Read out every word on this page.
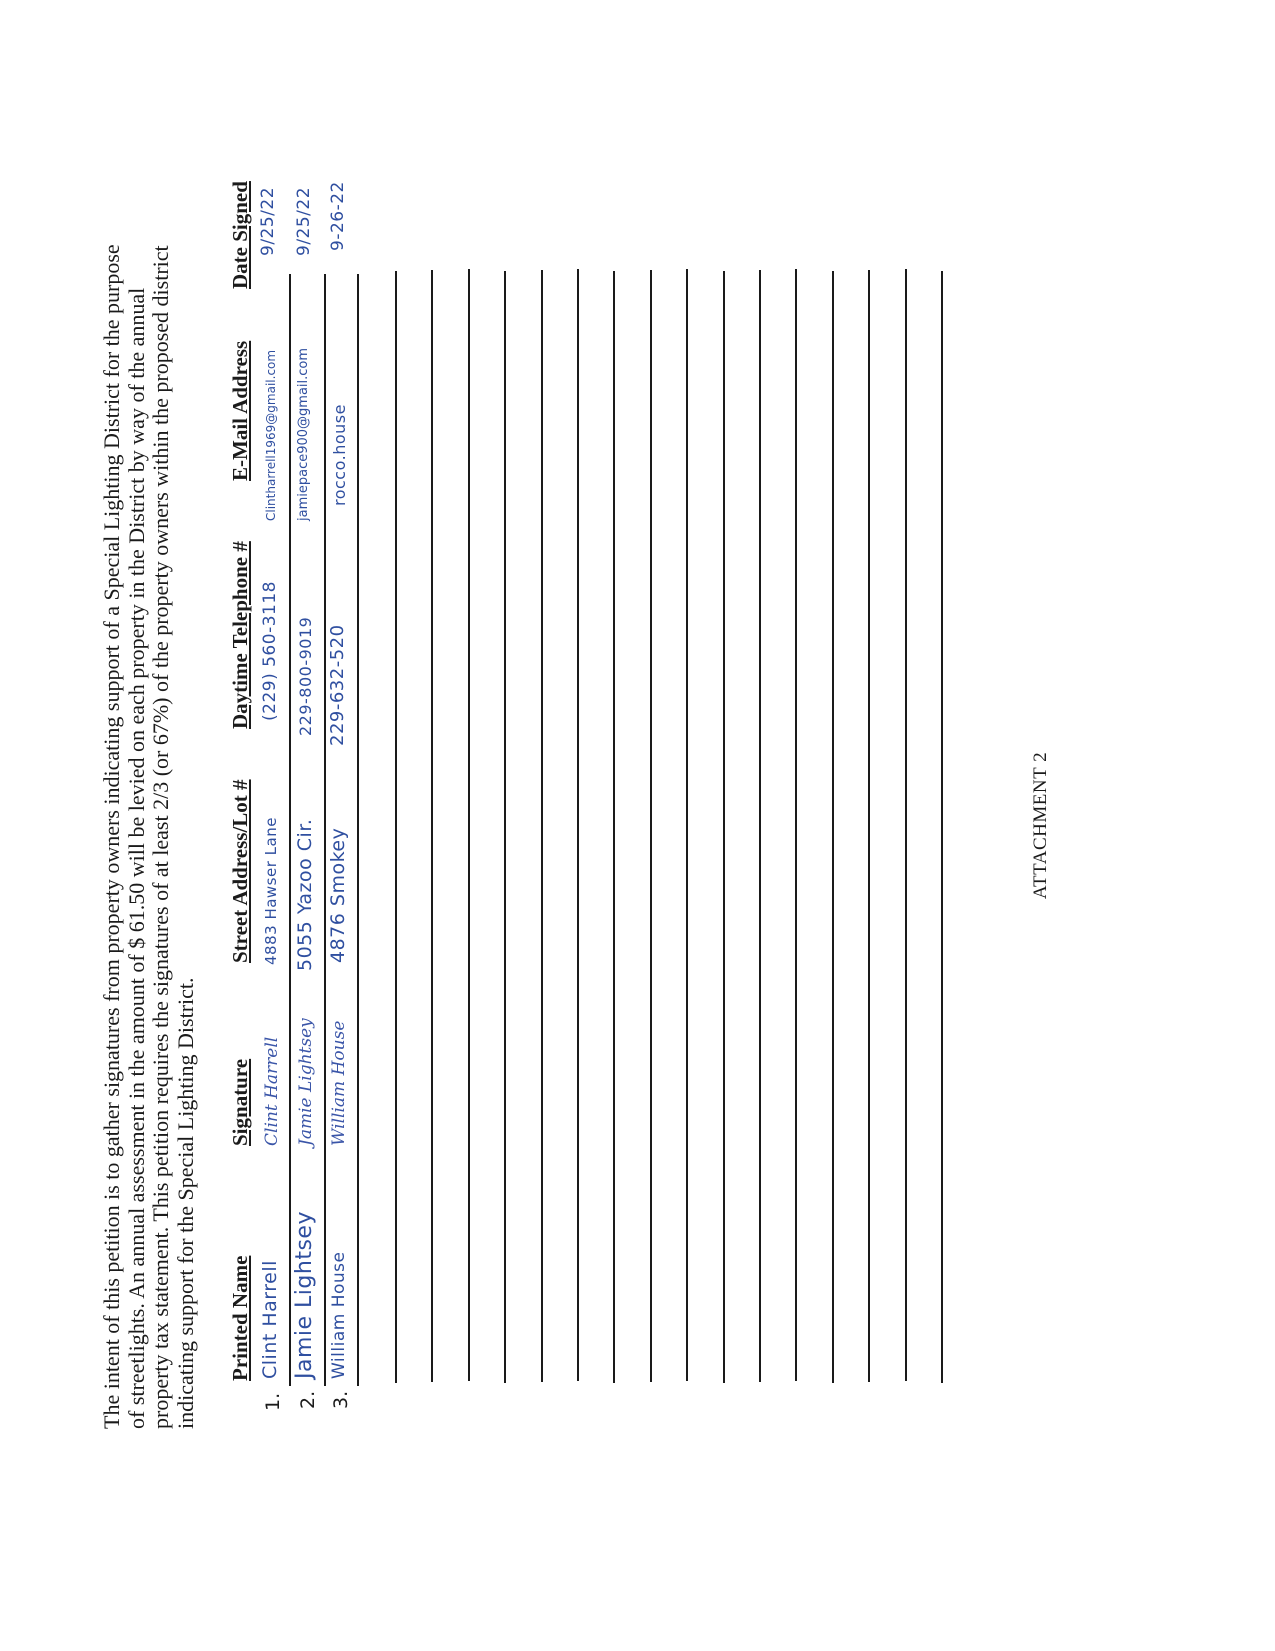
The intent of this petition is to gather signatures from property owners indicating support of a Special Lighting District for the purpose of streetlights. An annual assessment in the amount of $ 61.50 will be levied on each property in the District by way of the annual property tax statement. This petition requires the signatures of at least 2/3 (or 67%) of the property owners within the proposed district indicating support for the Special Lighting District. Printed Name
Signature
Street Address/Lot #
Daytime Telephone #
E-Mail Address
Date Signed
1.
Clint Harrell
Clint Harrell
4883 Hawser Lane
(229) 560-3118
Clintharrell1969@gmail.com
9/25/22
2.
Jamie Lightsey
Jamie Lightsey
5055 Yazoo Cir.
229-800-9019
jamiepace900@gmail.com
9/25/22
3.
William House
William House
4876 Smokey
229-632-520
rocco.house
9-26-22
ATTACHMENT 2
